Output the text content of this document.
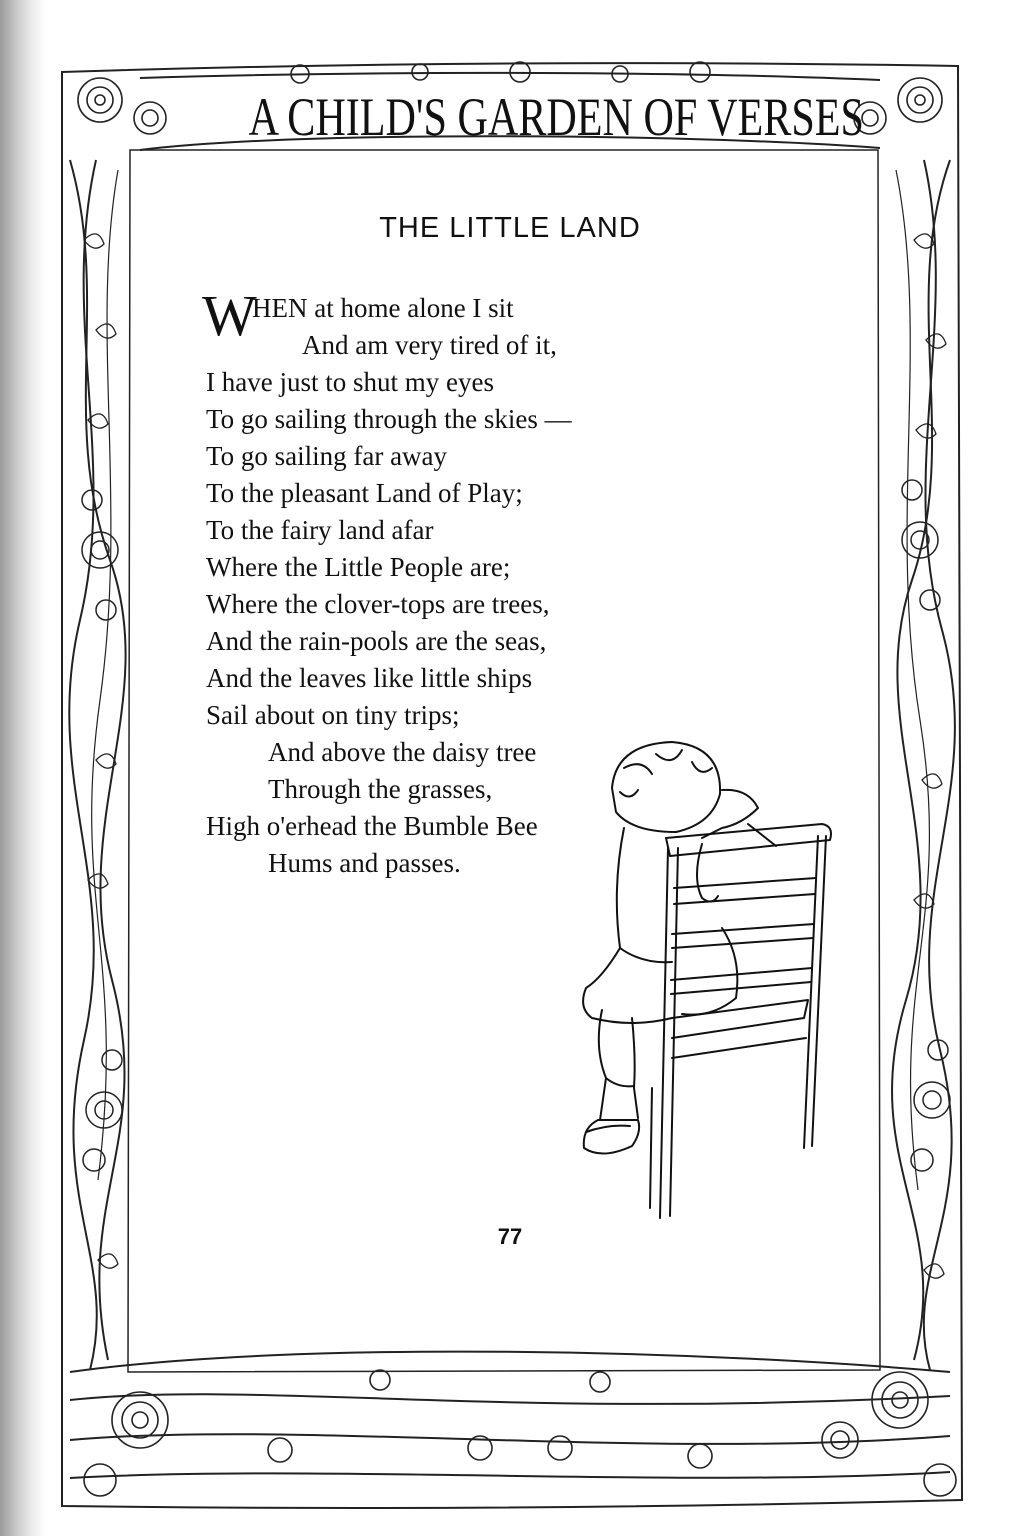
A CHILD'S GARDEN OF VERSES
THE LITTLE LAND
W
HEN at home alone I sit
And am very tired of it,
I have just to shut my eyes
To go sailing through the skies —
To go sailing far away
To the pleasant Land of Play;
To the fairy land afar
Where the Little People are;
Where the clover-tops are trees,
And the rain-pools are the seas,
And the leaves like little ships
Sail about on tiny trips;
And above the daisy tree
Through the grasses,
High o'erhead the Bumble Bee
Hums and passes.
77
